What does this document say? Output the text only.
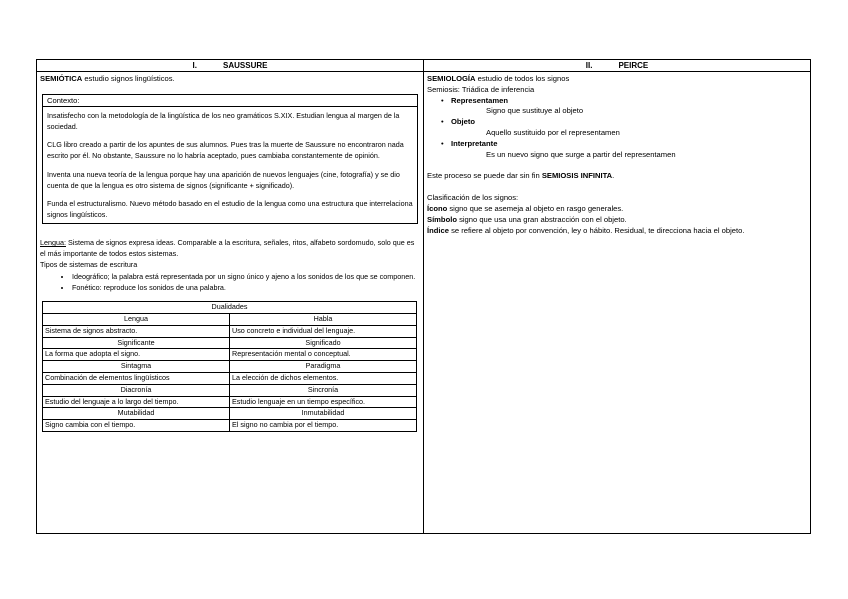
I.	SAUSSURE	II.	PEIRCE

SEMIÓTICA estudio signos lingüísticos.
Contexto:

Insatisfecho con la metodología de la lingüística de los neo gramáticos S.XIX. Estudian lengua al margen de la sociedad.

CLG libro creado a partir de los apuntes de sus alumnos. Pues tras la muerte de Saussure no encontraron nada escrito por él. No obstante, Saussure no lo habría aceptado, pues cambiaba constantemente de opinión.

Inventa una nueva teoría de la lengua porque hay una aparición de nuevos lenguajes (cine, fotografía) y se dio cuenta de que la lengua es otro sistema de signos (significante + significado).

Funda el estructuralismo. Nuevo método basado en el estudio de la lengua como una estructura que interrelaciona signos lingüísticos.

Lengua: Sistema de signos expresa ideas. Comparable a la escritura, señales, ritos, alfabeto sordomudo, solo que es el más importante de todos estos sistemas.
Tipos de sistemas de escritura
• Ideográfico; la palabra está representada por un signo único y ajeno a los sonidos de los que se componen.
• Fonético: reproduce los sonidos de una palabra.
Dualidades
Lengua	Habla
Sistema de signos abstracto.	Uso concreto e individual del lenguaje.
Significante	Significado
La forma que adopta el signo.	Representación mental o conceptual.
Sintagma	Paradigma
Combinación de elementos lingüísticos	La elección de dichos elementos.
Diacronía	Sincronía
Estudio del lenguaje a lo largo del tiempo.	Estudio lenguaje en un tiempo específico.
Mutabilidad	Inmutabilidad
Signo cambia con el tiempo.	El signo no cambia por el tiempo.

SEMIOLOGÍA estudio de todos los signos
Semiosis: Triádica de inferencia
• Representamen
Signo que sustituye al objeto
• Objeto
Aquello sustituido por el representamen
• Interpretante
Es un nuevo signo que surge a partir del representamen
Este proceso se puede dar sin fin SEMIOSIS INFINITA.
Clasificación de los signos:
Ícono signo que se asemeja al objeto en rasgo generales.
Símbolo signo que usa una gran abstracción con el objeto.
Índice se refiere al objeto por convención, ley o hábito. Residual, te direcciona hacia el objeto.
